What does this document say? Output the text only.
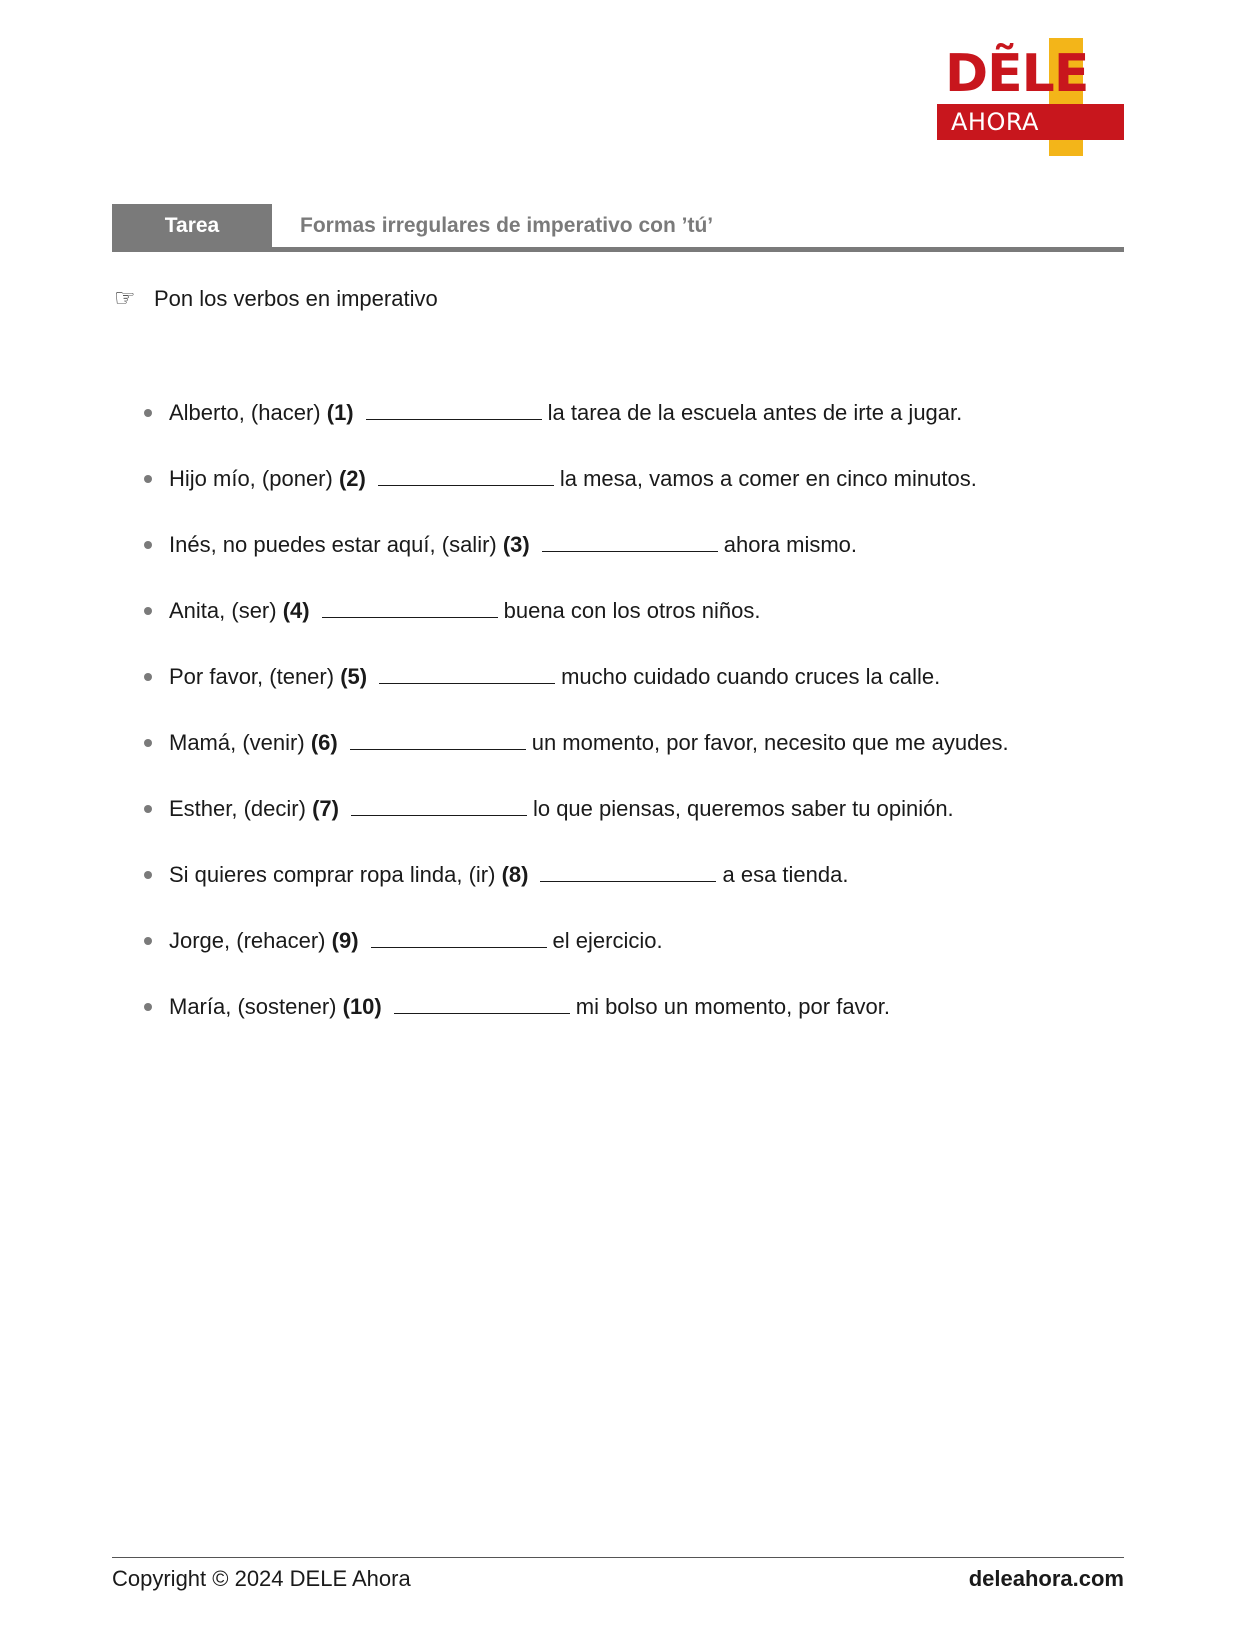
DẼLE
AHORA
Tarea	Formas irregulares de imperativo con ’tú’
☞ Pon los verbos en imperativo
Alberto, (hacer) (1)	la tarea de la escuela antes de irte a jugar.
Hijo mío, (poner) (2)	la mesa, vamos a comer en cinco minutos.
Inés, no puedes estar aquí, (salir) (3)	ahora mismo.
Anita, (ser) (4)	buena con los otros niños.
Por favor, (tener) (5)	mucho cuidado cuando cruces la calle.
Mamá, (venir) (6)	un momento, por favor, necesito que me ayudes.
Esther, (decir) (7)	lo que piensas, queremos saber tu opinión.
Si quieres comprar ropa linda, (ir) (8)	a esa tienda.
Jorge, (rehacer) (9)	el ejercicio.
María, (sostener) (10)	mi bolso un momento, por favor.
Copyright © 2024 DELE Ahora	deleahora.com
